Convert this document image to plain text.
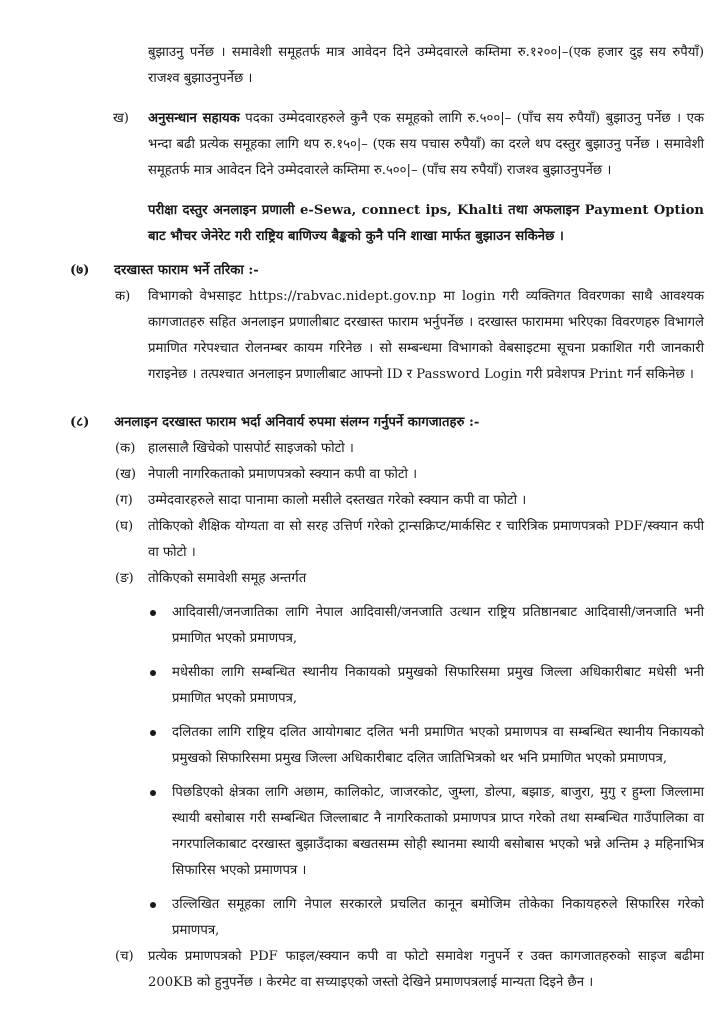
बुझाउनु पर्नेछ । समावेशी समूहतर्फ मात्र आवेदन दिने उम्मेदवारले कम्तिमा रु.१२००|–(एक हजार दुइ सय रुपैयाँ) राजश्व बुझाउनुपर्नेछ ।
ख)	अनुसन्धान सहायक पदका उम्मेदवारहरुले कुनै एक समूहको लागि रु.५००|– (पाँच सय रुपैयाँ) बुझाउनु पर्नेछ । एक भन्दा बढी प्रत्येक समूहका लागि थप रु.१५०|– (एक सय पचास रुपैयाँ) का दरले थप दस्तुर बुझाउनु पर्नेछ । समावेशी समूहतर्फ मात्र आवेदन दिने उम्मेदवारले कम्तिमा रु.५००|– (पाँच सय रुपैयाँ) राजश्व बुझाउनुपर्नेछ ।
परीक्षा दस्तुर अनलाइन प्रणाली e-Sewa, connect ips, Khalti तथा अफलाइन Payment Option बाट भौचर जेनेरेट गरी राष्ट्रिय बाणिज्य बैङ्कको कुनै पनि शाखा मार्फत बुझाउन सकिनेछ ।
(७)	दरखास्त फाराम भर्ने तरिका :-
क)	विभागको वेभसाइट https://rabvac.nidept.gov.np मा login गरी व्यक्तिगत विवरणका साथै आवश्यक कागजातहरु सहित अनलाइन प्रणालीबाट दरखास्त फाराम भर्नुपर्नेछ । दरखास्त फाराममा भरिएका विवरणहरु विभागले प्रमाणित गरेपश्चात रोलनम्बर कायम गरिनेछ । सो सम्बन्धमा विभागको वेबसाइटमा सूचना प्रकाशित गरी जानकारी गराइनेछ । तत्पश्चात अनलाइन प्रणालीबाट आफ्नो ID र Password Login गरी प्रवेशपत्र Print गर्न सकिनेछ ।
(८)	अनलाइन दरखास्त फाराम भर्दा अनिवार्य रुपमा संलग्न गर्नुपर्ने कागजातहरु :-
(क) हालसालै खिचेको पासपोर्ट साइजको फोटो ।
(ख) नेपाली नागरिकताको प्रमाणपत्रको स्क्यान कपी वा फोटो ।
(ग)	उम्मेदवारहरुले सादा पानामा कालो मसीले दस्तखत गरेको स्क्यान कपी वा फोटो ।
(घ)	तोकिएको शैक्षिक योग्यता वा सो सरह उत्तिर्ण गरेको ट्रान्सक्रिप्ट/मार्कसिट र चारित्रिक प्रमाणपत्रको PDF/स्क्यान कपी वा फोटो ।
(ङ)	तोकिएको समावेशी समूह अन्तर्गत
आदिवासी/जनजातिका लागि नेपाल आदिवासी/जनजाति उत्थान राष्ट्रिय प्रतिष्ठानबाट आदिवासी/जनजाति भनी प्रमाणित भएको प्रमाणपत्र,
मधेसीका लागि सम्बन्धित स्थानीय निकायको प्रमुखको सिफारिसमा प्रमुख जिल्ला अधिकारीबाट मधेसी भनी प्रमाणित भएको प्रमाणपत्र,
दलितका लागि राष्ट्रिय दलित आयोगबाट दलित भनी प्रमाणित भएको प्रमाणपत्र वा सम्बन्धित स्थानीय निकायको प्रमुखको सिफारिसमा प्रमुख जिल्ला अधिकारीबाट दलित जातिभित्रको थर भनि प्रमाणित भएको प्रमाणपत्र,
पिछडिएको क्षेत्रका लागि अछाम, कालिकोट, जाजरकोट, जुम्ला, डोल्पा, बझाङ, बाजुरा, मुगु र हुम्ला जिल्लामा स्थायी बसोबास गरी सम्बन्धित जिल्लाबाट नै नागरिकताको प्रमाणपत्र प्राप्त गरेको तथा सम्बन्धित गाउँपालिका वा नगरपालिकाबाट दरखास्त बुझाउँदाका बखतसम्म सोही स्थानमा स्थायी बसोबास भएको भन्ने अन्तिम ३ महिनाभित्र सिफारिस भएको प्रमाणपत्र ।
उल्लिखित समूहका लागि नेपाल सरकारले प्रचलित कानून बमोजिम तोकेका निकायहरुले सिफारिस गरेको प्रमाणपत्र,
(च)	प्रत्येक प्रमाणपत्रको PDF फाइल/स्क्यान कपी वा फोटो समावेश गनुपर्ने र उक्त कागजातहरुको साइज बढीमा 200KB को हुनुपर्नेछ । केरमेट वा सच्याइएको जस्तो देखिने प्रमाणपत्रलाई मान्यता दिइने छैन ।
